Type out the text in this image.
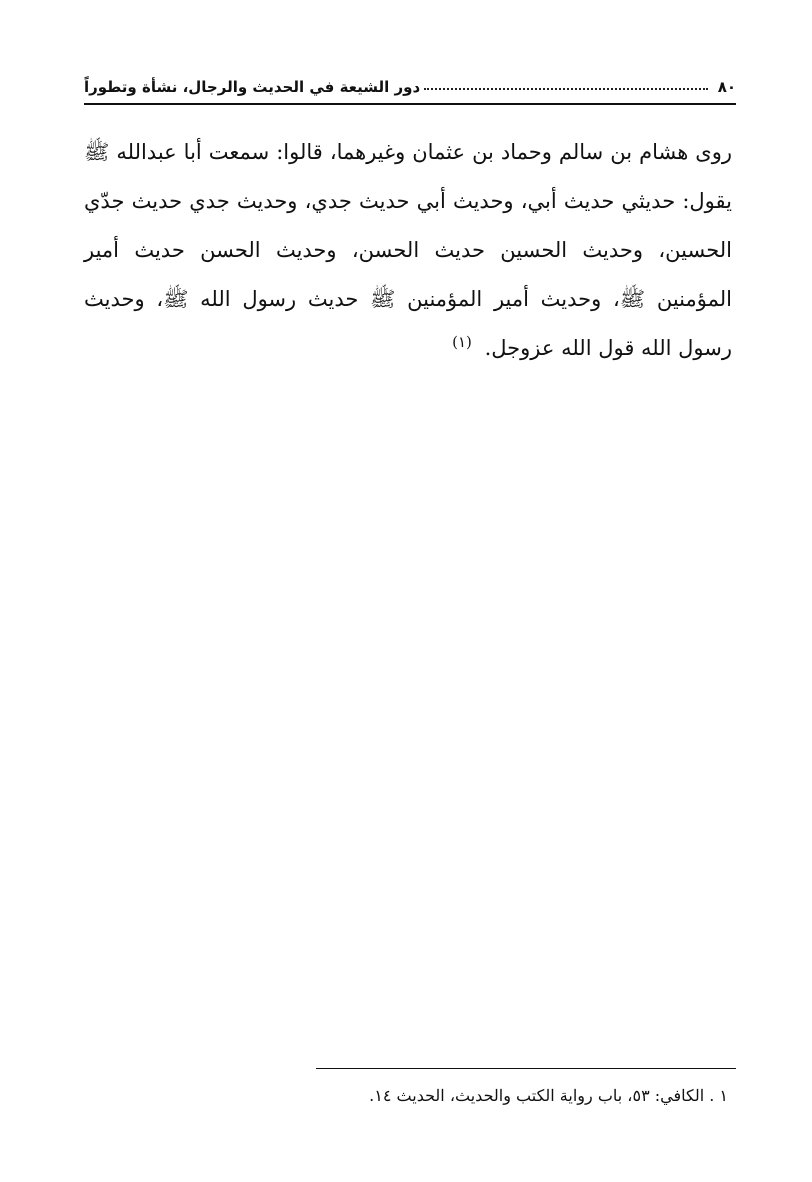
٨٠
دور الشيعة في الحديث والرجال، نشأة وتطوراً

روى هشام بن سالم وحماد بن عثمان وغيرهما، قالوا: سمعت أبا عبدالله ﷺ يقول: حديثي حديث أبي، وحديث أبي حديث جدي، وحديث جدي حديث جدّي الحسين، وحديث الحسين حديث الحسن، وحديث الحسن حديث أمير المؤمنين ﷺ، وحديث أمير المؤمنين ﷺ حديث رسول الله ﷺ، وحديث رسول الله قول الله عزوجل. $^{(١)}$

١ . الكافي: ٥٣، باب رواية الكتب والحديث، الحديث ١٤.
